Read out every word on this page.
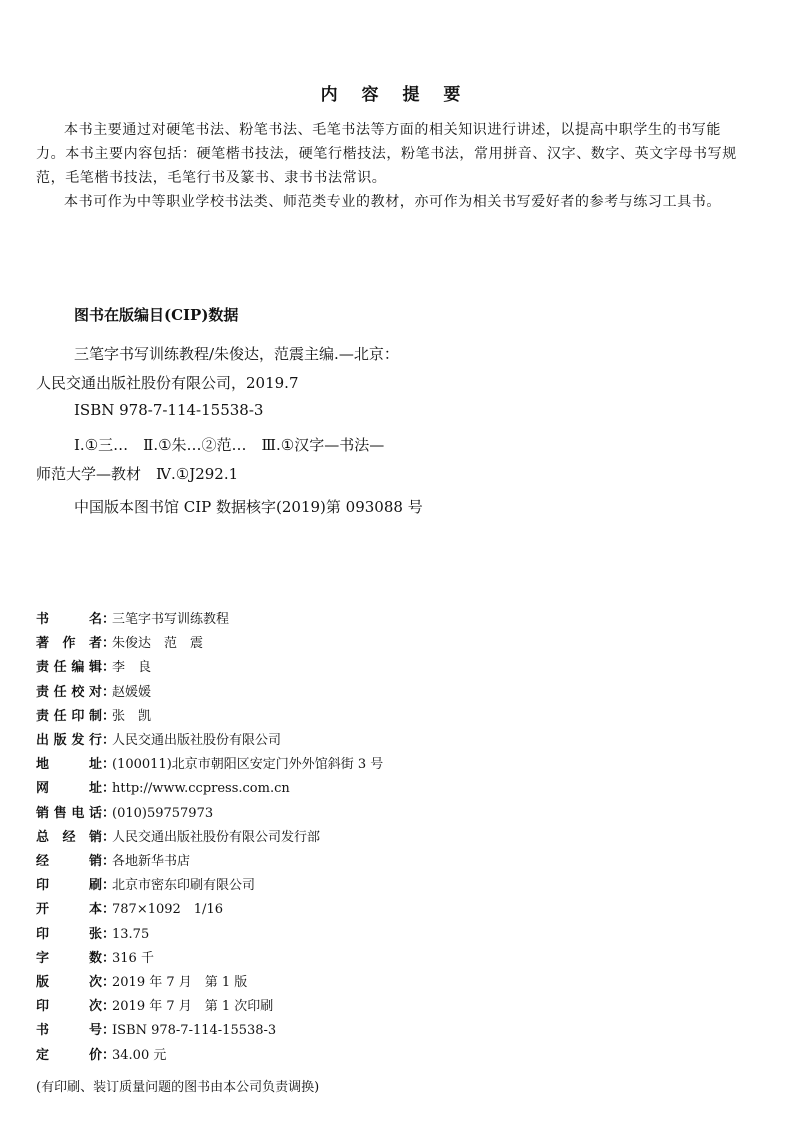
内 容 提 要

本书主要通过对硬笔书法、粉笔书法、毛笔书法等方面的相关知识进行讲述，以提高中职学生的书写能力。本书主要内容包括：硬笔楷书技法，硬笔行楷技法，粉笔书法，常用拼音、汉字、数字、英文字母书写规范，毛笔楷书技法，毛笔行书及篆书、隶书书法常识。

本书可作为中等职业学校书法类、师范类专业的教材，亦可作为相关书写爱好者的参考与练习工具书。

图书在版编目(CIP)数据
三笔字书写训练教程/朱俊达，范震主编.—北京：
人民交通出版社股份有限公司，2019.7
ISBN 978-7-114-15538-3
Ⅰ.①三…　Ⅱ.①朱…②范…　Ⅲ.①汉字—书法—
师范大学—教材　Ⅳ.①J292.1
中国版本图书馆 CIP 数据核字(2019)第 093088 号
书名：三笔字书写训练教程
著作者：朱俊达　范　震
责任编辑：李　良
责任校对：赵媛媛
责任印制：张　凯
出版发行：人民交通出版社股份有限公司
地址：(100011)北京市朝阳区安定门外外馆斜街 3 号
网址：http://www.ccpress.com.cn
销售电话：(010)59757973
总经销：人民交通出版社股份有限公司发行部
经销：各地新华书店
印刷：北京市密东印刷有限公司
开本：787×1092　1/16
印张：13.75
字数：316 千
版次：2019 年 7 月　第 1 版
印次：2019 年 7 月　第 1 次印刷
书号：ISBN 978-7-114-15538-3
定价：34.00 元
(有印刷、装订质量问题的图书由本公司负责调换)
